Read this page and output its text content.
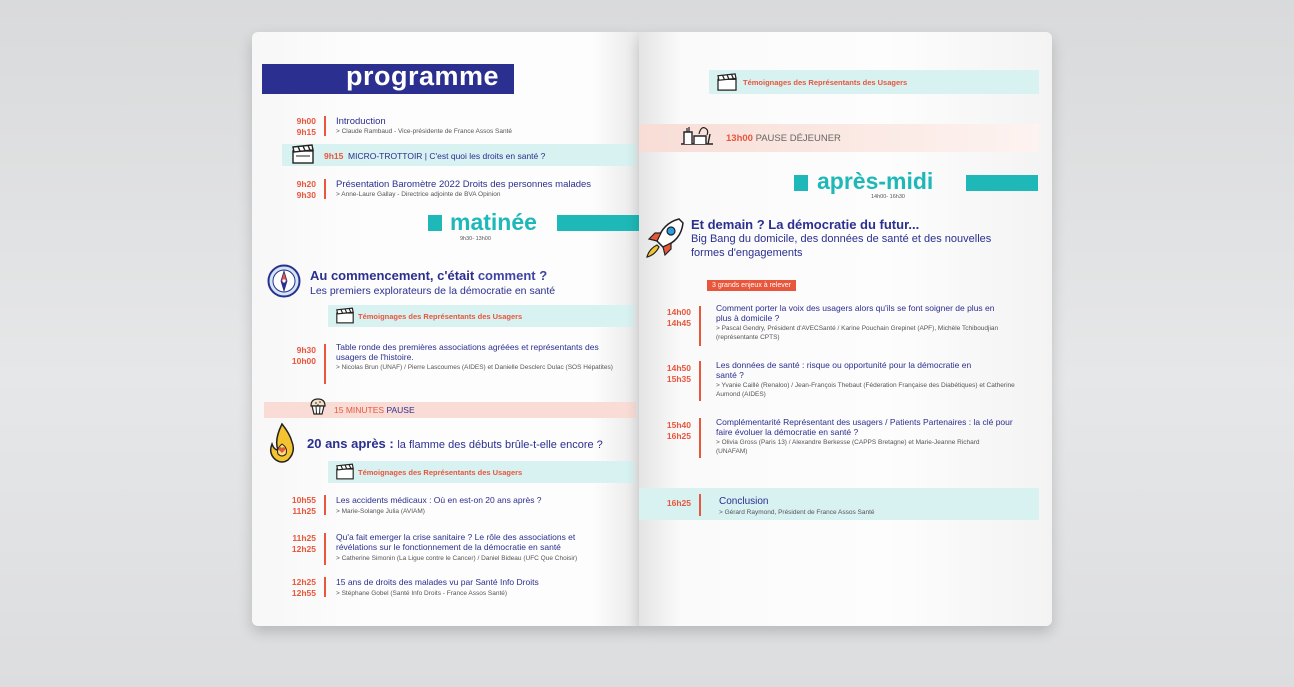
programme
9h00
9h15
Introduction
> Claude Rambaud - Vice-présidente de France Assos Santé
9h15 MICRO-TROTTOIR | C'est quoi les droits en santé ?
9h20
9h30
Présentation Baromètre 2022 Droits des personnes malades
> Anne-Laure Gallay - Directrice adjointe de BVA Opinion
matinée
9h30- 13h00
Au commencement, c'était comment ?
Les premiers explorateurs de la démocratie en santé
Témoignages des Représentants des Usagers
9h30
10h00
Table ronde des premières associations agréées et représentants des usagers de l'histoire.
> Nicolas Brun (UNAF) / Pierre Lascoumes (AIDES) et Danielle Desclerc Dulac (SOS Hépatites)
15 MINUTES PAUSE
20 ans après : la flamme des débuts brûle-t-elle encore ?
Témoignages des Représentants des Usagers
10h55
11h25
Les accidents médicaux : Où en est-on 20 ans après ?
> Marie-Solange Julia (AVIAM)
11h25
12h25
Qu'a fait emerger la crise sanitaire ? Le rôle des associations et révélations sur le fonctionnement de la démocratie en santé
> Catherine Simonin (La Ligue contre le Cancer) / Daniel Bideau (UFC Que Choisir)
12h25
12h55
15 ans de droits des malades vu par Santé Info Droits
> Stéphane Gobel (Santé Info Droits - France Assos Santé)
Témoignages des Représentants des Usagers
13h00 PAUSE DÉJEUNER
après-midi
14h00- 16h30
Et demain ? La démocratie du futur...
Big Bang du domicile, des données de santé et des nouvelles formes d'engagements
3 grands enjeux à relever
14h00
14h45
Comment porter la voix des usagers alors qu'ils se font soigner de plus en plus à domicile ?
> Pascal Gendry, Président d'AVECSanté / Karine Pouchain Grepinet (APF), Michèle Tchiboudjian (représentante CPTS)
14h50
15h35
Les données de santé : risque ou opportunité pour la démocratie en santé ?
> Yvanie Caillé (Renaloo) / Jean-François Thebaut (Féderation Française des Diabétiques) et Catherine Aumond (AIDES)
15h40
16h25
Complémentarité Représentant des usagers / Patients Partenaires : la clé pour faire évoluer la démocratie en santé ?
> Olivia Gross (Paris 13) / Alexandre Berkesse (CAPPS Bretagne) et Marie-Jeanne Richard (UNAFAM)
16h25	Conclusion
> Gérard Raymond, Président de France Assos Santé
